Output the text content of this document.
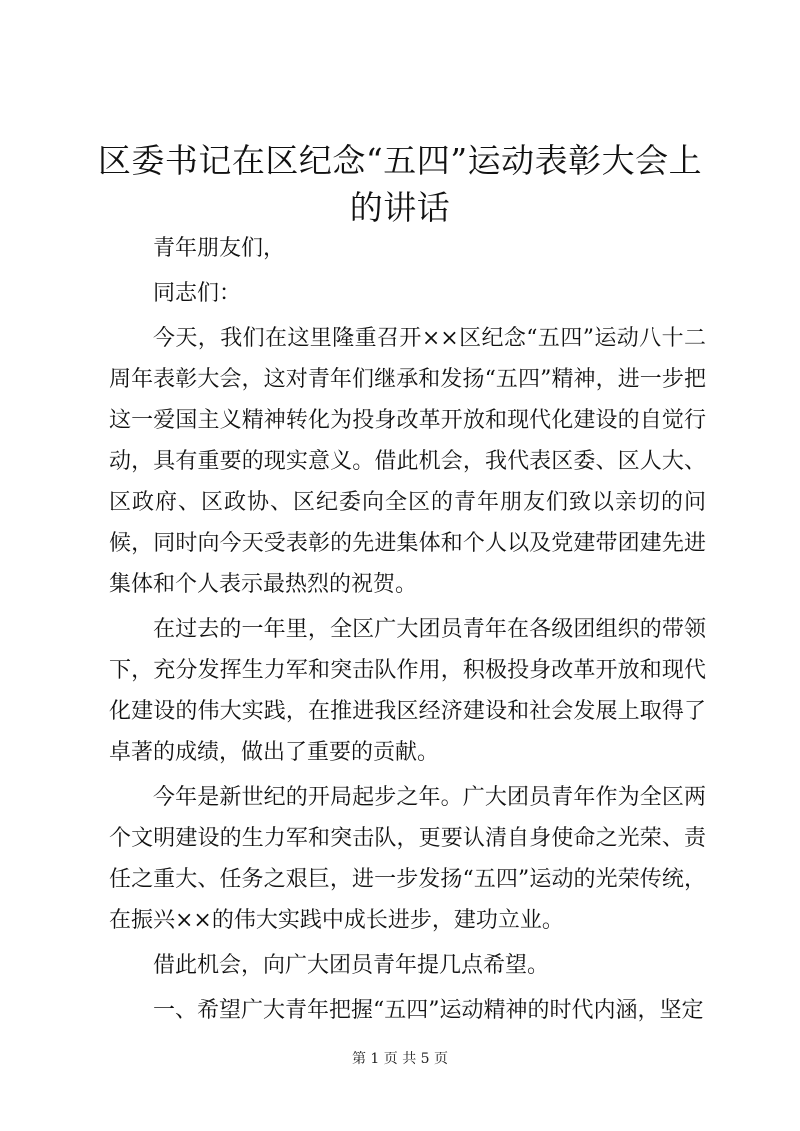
区委书记在区纪念“五四”运动表彰大会上的讲话

青年朋友们，

同志们：

今天，我们在这里隆重召开××区纪念“五四”运动八十二周年表彰大会，这对青年们继承和发扬“五四”精神，进一步把这一爱国主义精神转化为投身改革开放和现代化建设的自觉行动，具有重要的现实意义。借此机会，我代表区委、区人大、区政府、区政协、区纪委向全区的青年朋友们致以亲切的问候，同时向今天受表彰的先进集体和个人以及党建带团建先进集体和个人表示最热烈的祝贺。

在过去的一年里，全区广大团员青年在各级团组织的带领下，充分发挥生力军和突击队作用，积极投身改革开放和现代化建设的伟大实践，在推进我区经济建设和社会发展上取得了卓著的成绩，做出了重要的贡献。

今年是新世纪的开局起步之年。广大团员青年作为全区两个文明建设的生力军和突击队，更要认清自身使命之光荣、责任之重大、任务之艰巨，进一步发扬“五四”运动的光荣传统，在振兴××的伟大实践中成长进步，建功立业。

借此机会，向广大团员青年提几点希望。

一、希望广大青年把握“五四”运动精神的时代内涵，坚定

第 1 页 共 5 页
